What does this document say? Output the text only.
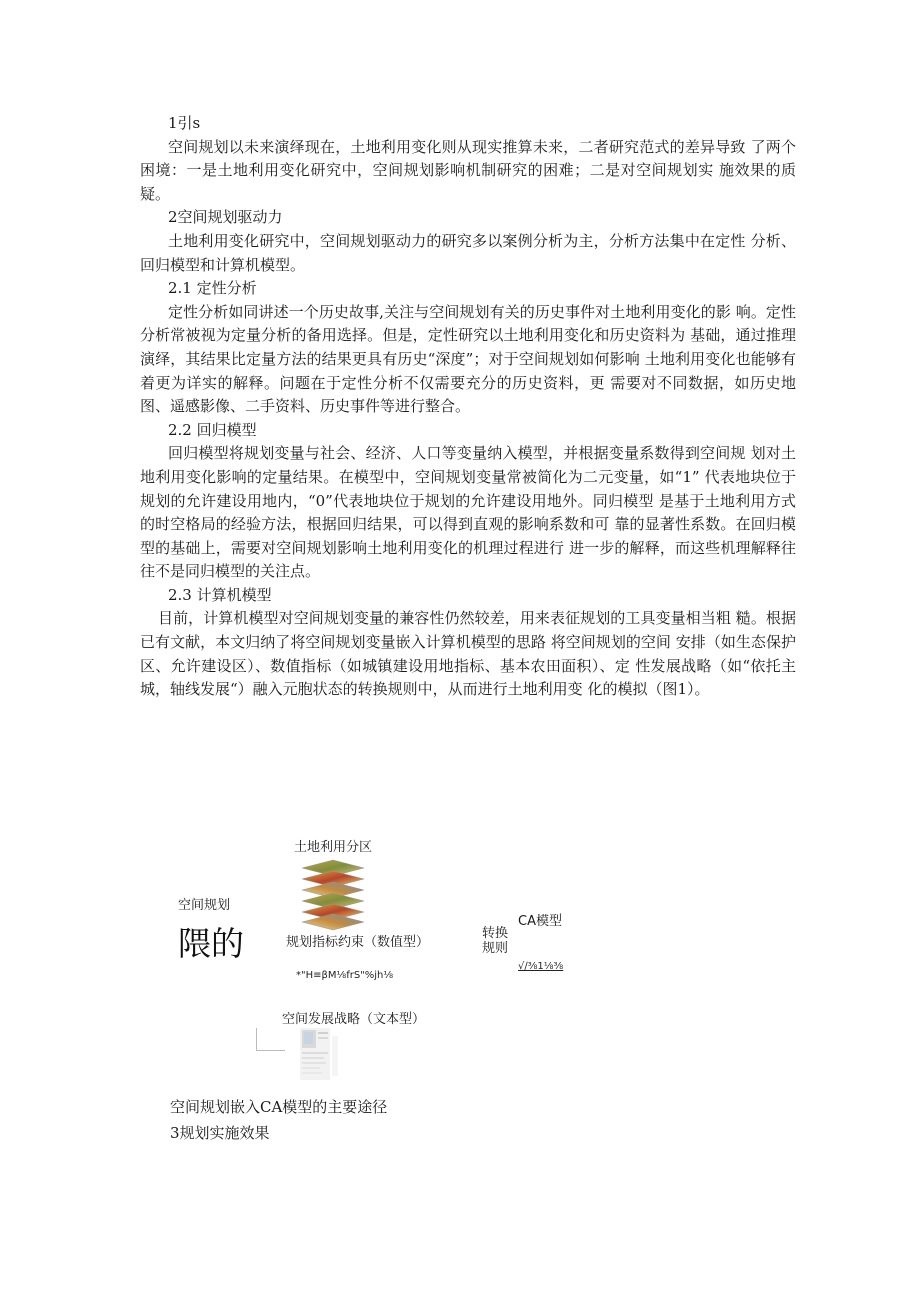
1引s

空间规划以未来演绎现在，土地利用变化则从现实推算未来，二者研究范式的差异导致 了两个困境：一是土地利用变化研究中，空间规划影响机制研究的困难；二是对空间规划实 施效果的质疑。

2空间规划驱动力

土地利用变化研究中，空间规划驱动力的研究多以案例分析为主，分析方法集中在定性 分析、回归模型和计算机模型。

2.1 定性分析

定性分析如同讲述一个历史故事,关注与空间规划有关的历史事件对土地利用变化的影 响。定性分析常被视为定量分析的备用选择。但是，定性研究以土地利用变化和历史资料为 基础，通过推理演绎，其结果比定量方法的结果更具有历史“深度”；对于空间规划如何影响 土地利用变化也能够有着更为详实的解释。问题在于定性分析不仅需要充分的历史资料，更 需要对不同数据，如历史地图、遥感影像、二手资料、历史事件等进行整合。

2.2 回归模型

回归模型将规划变量与社会、经济、人口等变量纳入模型，并根据变量系数得到空间规 划对土地利用变化影响的定量结果。在模型中，空间规划变量常被简化为二元变量，如“1” 代表地块位于规划的允许建设用地内，“0”代表地块位于规划的允许建设用地外。同归模型 是基于土地利用方式的时空格局的经验方法，根据回归结果，可以得到直观的影响系数和可 靠的显著性系数。在回归模型的基础上，需要对空间规划影响土地利用变化的机理过程进行 进一步的解释，而这些机理解释往往不是同归模型的关注点。

2.3 计算机模型

目前，计算机模型对空间规划变量的兼容性仍然较差，用来表征规划的工具变量相当粗 糙。根据已有文献，本文归纳了将空间规划变量嵌入计算机模型的思路 将空间规划的空间 安排（如生态保护区、允许建设区）、数值指标（如城镇建设用地指标、基本农田面积）、定 性发展战略（如“依托主城，轴线发展“）融入元胞状态的转换规则中，从而进行土地利用变 化的模拟（图1）。

土地利用分区
空间规划
隈的	规划指标约束（数值型）
*"H≡βM⅛frS"%jh⅛
CA模型
转换规则
√∕⅜1⅛⅜
空间发展战略（文本型）
空间规划嵌入CA模型的主要途径
3规划实施效果
